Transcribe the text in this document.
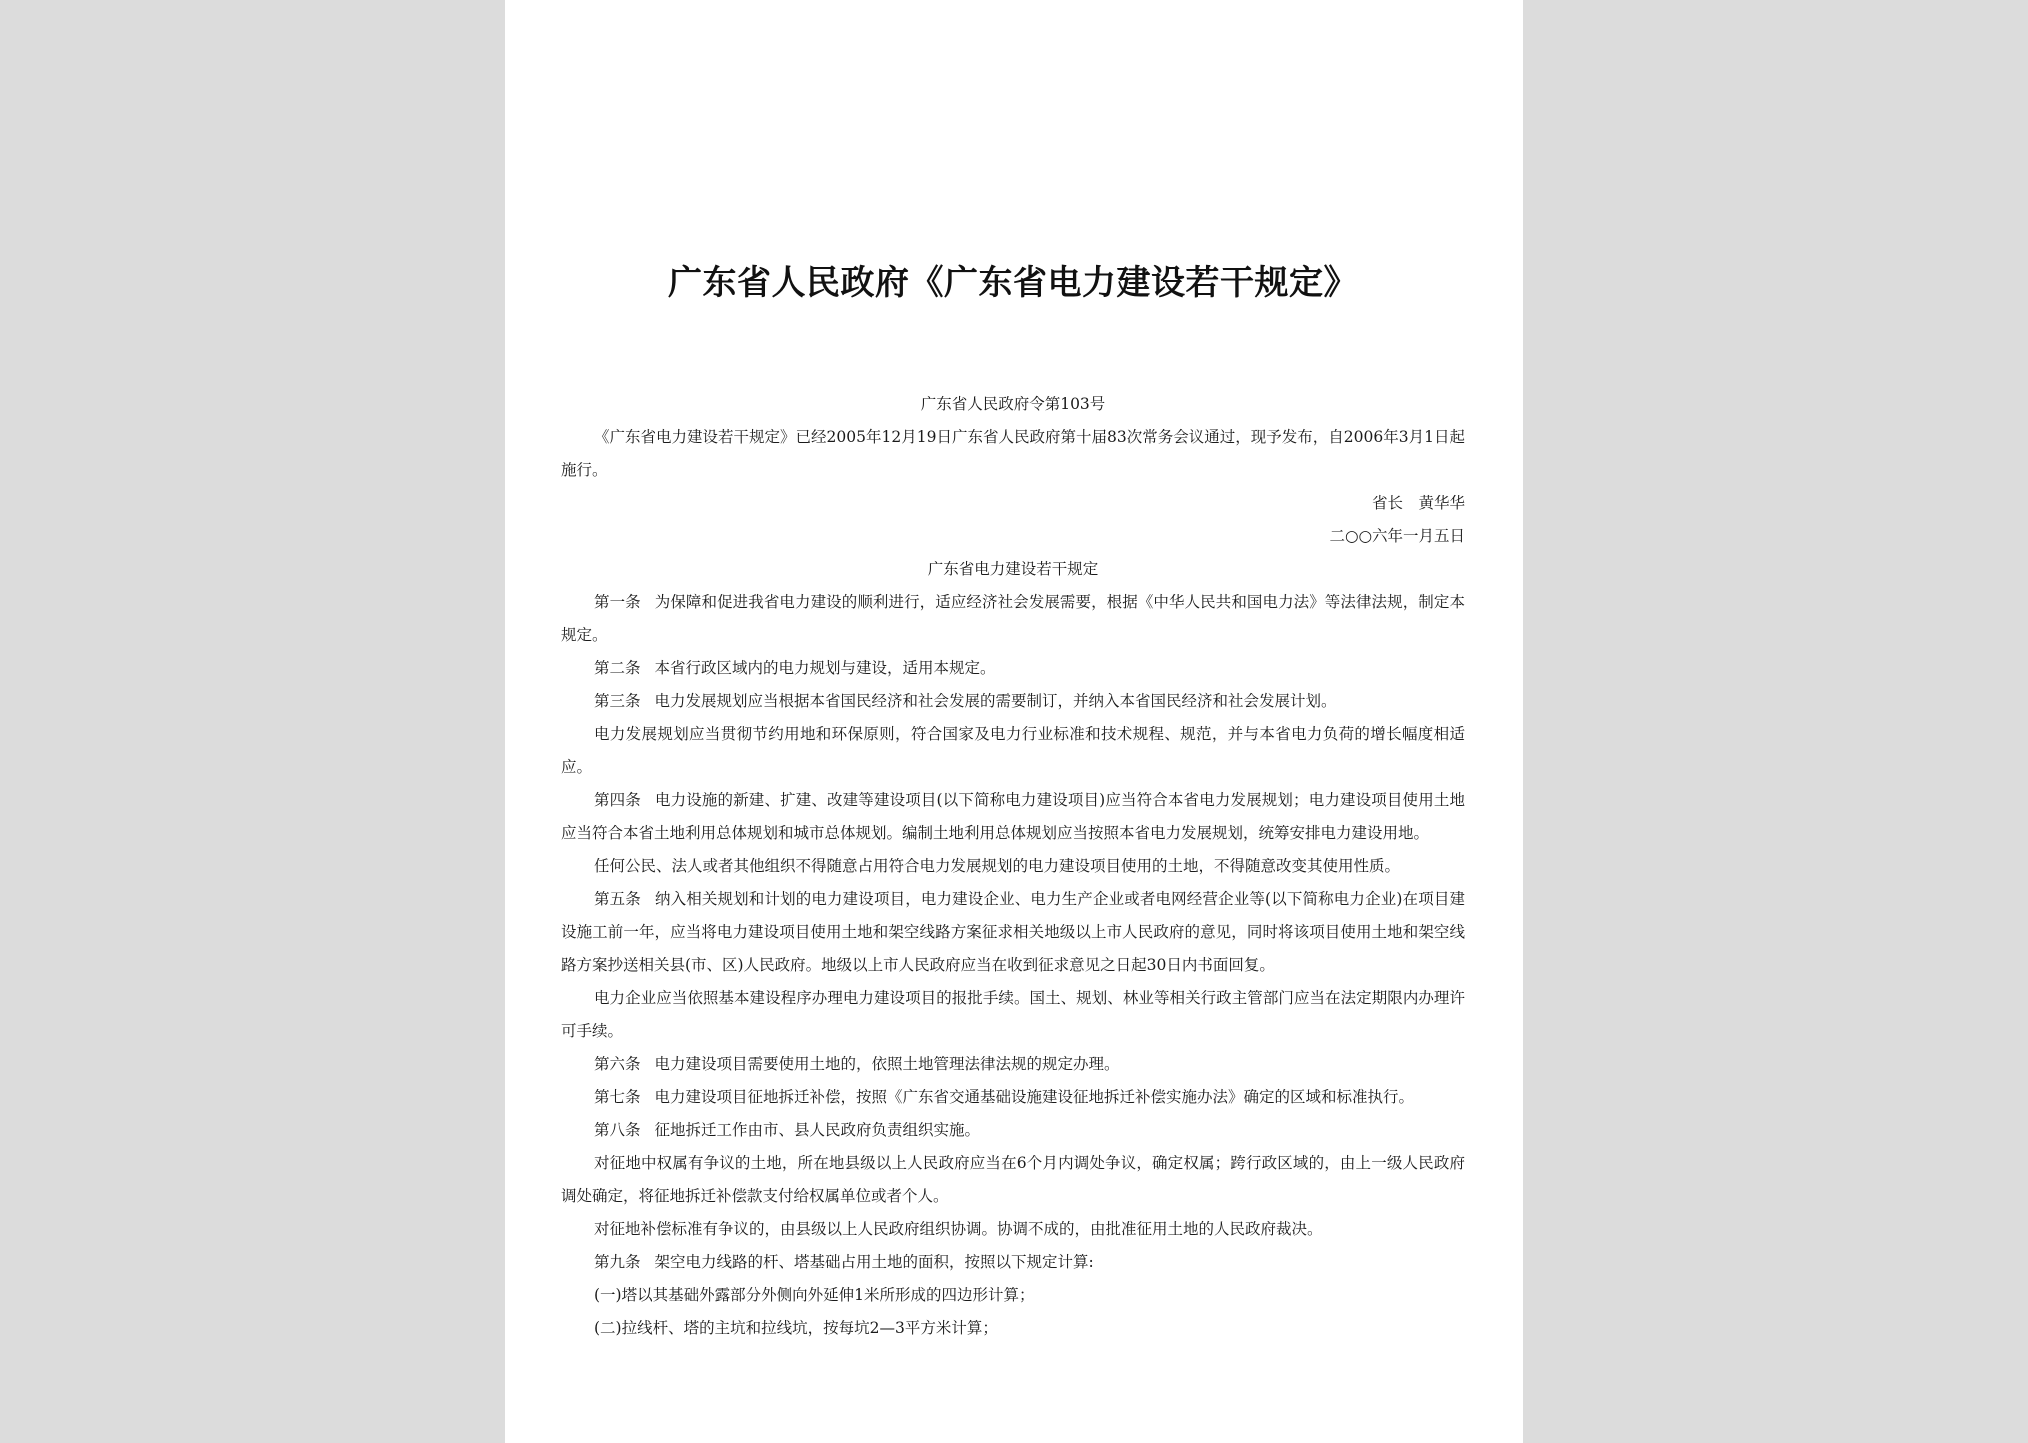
广东省人民政府《广东省电力建设若干规定》

广东省人民政府令第103号

《广东省电力建设若干规定》已经2005年12月19日广东省人民政府第十届83次常务会议通过，现予发布，自2006年3月1日起施行。

省长　黄华华

二○○六年一月五日

广东省电力建设若干规定

第一条 为保障和促进我省电力建设的顺利进行，适应经济社会发展需要，根据《中华人民共和国电力法》等法律法规，制定本规定。

第二条 本省行政区域内的电力规划与建设，适用本规定。

第三条 电力发展规划应当根据本省国民经济和社会发展的需要制订，并纳入本省国民经济和社会发展计划。

电力发展规划应当贯彻节约用地和环保原则，符合国家及电力行业标准和技术规程、规范，并与本省电力负荷的增长幅度相适应。

第四条 电力设施的新建、扩建、改建等建设项目(以下简称电力建设项目)应当符合本省电力发展规划；电力建设项目使用土地应当符合本省土地利用总体规划和城市总体规划。编制土地利用总体规划应当按照本省电力发展规划，统筹安排电力建设用地。

任何公民、法人或者其他组织不得随意占用符合电力发展规划的电力建设项目使用的土地，不得随意改变其使用性质。

第五条 纳入相关规划和计划的电力建设项目，电力建设企业、电力生产企业或者电网经营企业等(以下简称电力企业)在项目建设施工前一年，应当将电力建设项目使用土地和架空线路方案征求相关地级以上市人民政府的意见，同时将该项目使用土地和架空线路方案抄送相关县(市、区)人民政府。地级以上市人民政府应当在收到征求意见之日起30日内书面回复。

电力企业应当依照基本建设程序办理电力建设项目的报批手续。国土、规划、林业等相关行政主管部门应当在法定期限内办理许可手续。

第六条 电力建设项目需要使用土地的，依照土地管理法律法规的规定办理。

第七条 电力建设项目征地拆迁补偿，按照《广东省交通基础设施建设征地拆迁补偿实施办法》确定的区域和标准执行。

第八条 征地拆迁工作由市、县人民政府负责组织实施。

对征地中权属有争议的土地，所在地县级以上人民政府应当在6个月内调处争议，确定权属；跨行政区域的，由上一级人民政府调处确定，将征地拆迁补偿款支付给权属单位或者个人。

对征地补偿标准有争议的，由县级以上人民政府组织协调。协调不成的，由批准征用土地的人民政府裁决。

第九条 架空电力线路的杆、塔基础占用土地的面积，按照以下规定计算:

(一)塔以其基础外露部分外侧向外延伸1米所形成的四边形计算；

(二)拉线杆、塔的主坑和拉线坑，按每坑2—3平方米计算；
